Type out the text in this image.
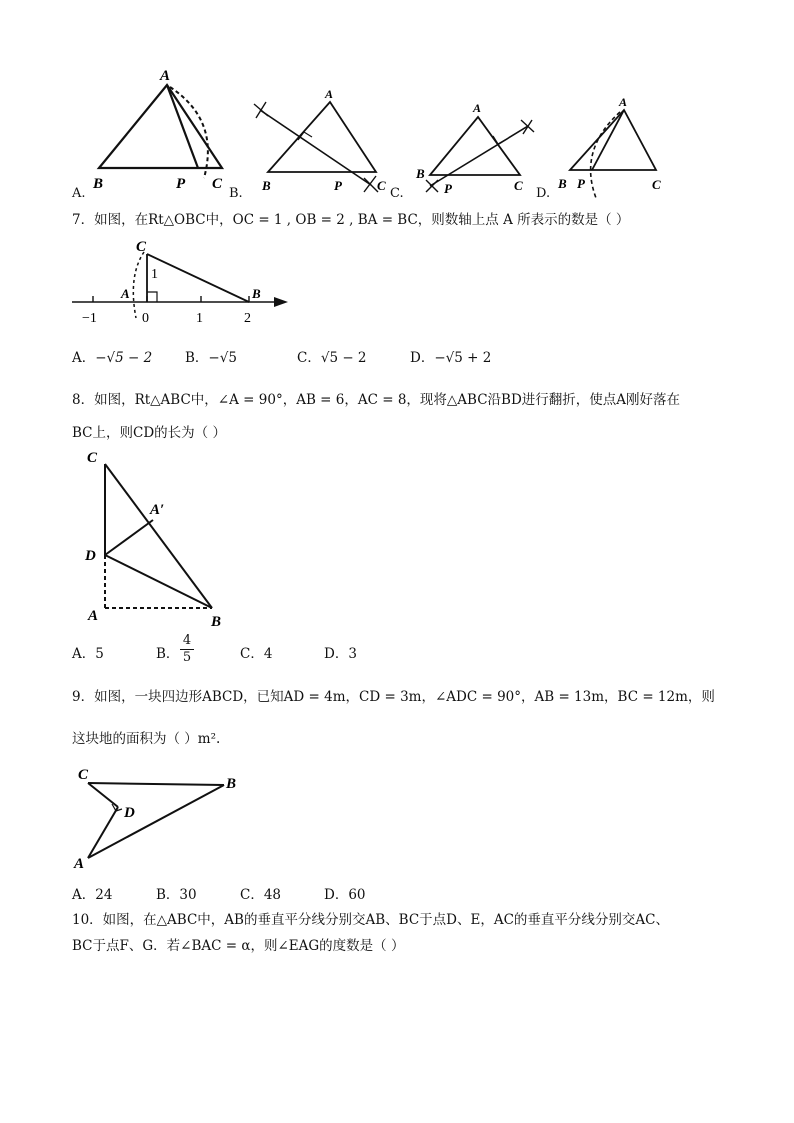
A
B	P C
A.
A
B	P	C
B.
A
B
P	C
C.
A
B P	C
D.
7．如图，在Rt△OBC中，OC = 1 , OB = 2 , BA = BC，则数轴上点 A 所表示的数是（ ）
C
1
A	B
−1	0	1	2
A．−√5 − 2 B．−√5	C．√5 − 2	D．−√5 + 2
8．如图，Rt△ABC中，∠A = 90°，AB = 6，AC = 8，现将△ABC沿BD进行翻折，使点A刚好落在
BC上，则CD的长为（ ）
C
A′
D
A	B
A．5	B． $\frac{4}{5}$	C．4	D．3
9．如图，一块四边形ABCD，已知AD = 4m，CD = 3m，∠ADC = 90°，AB = 13m，BC = 12m，则
这块地的面积为（ ）m².
C
B
D
A
A．24	B．30	C．48	D．60
10．如图，在△ABC中，AB的垂直平分线分别交AB、BC于点D、E，AC的垂直平分线分别交AC、
BC于点F、G．若∠BAC = α，则∠EAG的度数是（ ）
